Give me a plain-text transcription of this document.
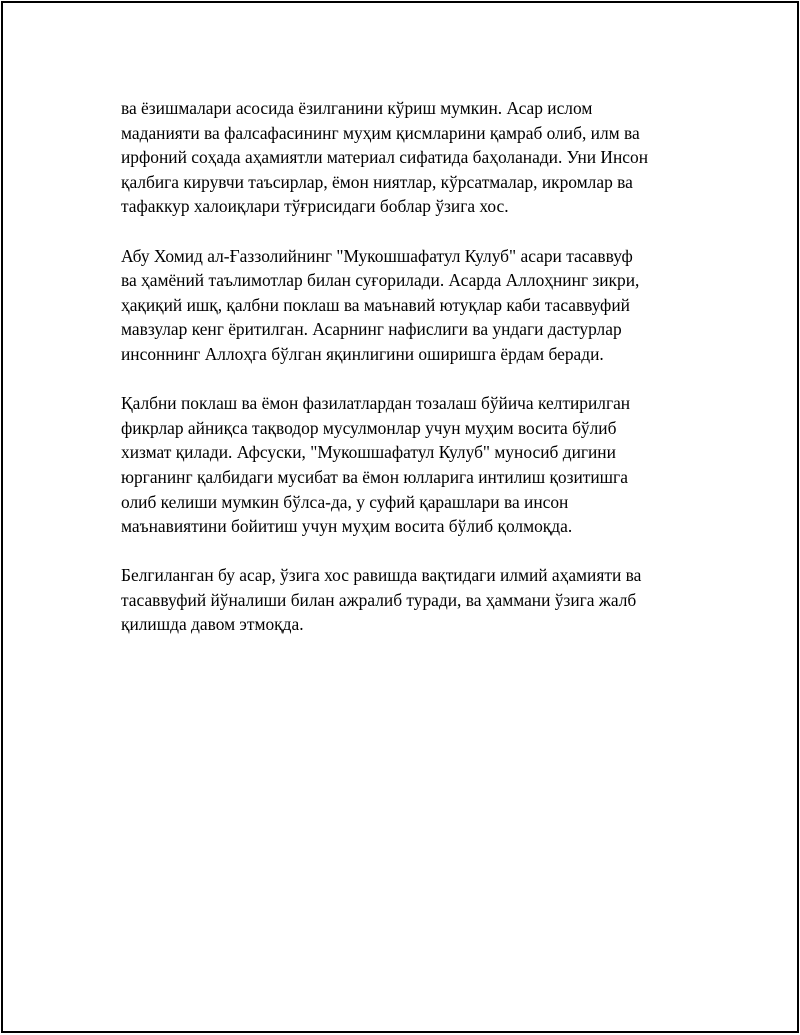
ва ёзишмалари асосида ёзилганини кўриш мумкин. Асар ислом
маданияти ва фалсафасининг муҳим қисмларини қамраб олиб, илм ва
ирфоний соҳада аҳамиятли материал сифатида баҳоланади. Уни Инсон
қалбига кирувчи таъсирлар, ёмон ниятлар, кўрсатмалар, икромлар ва
тафаккур халоиқлари тўғрисидаги боблар ўзига хос.

Абу Хомид ал-Ғаззолийнинг "Мукошшафатул Кулуб" асари тасаввуф
ва ҳамёний таълимотлар билан суғорилади. Асарда Аллоҳнинг зикри,
ҳақиқий ишқ, қалбни поклаш ва маънавий ютуқлар каби тасаввуфий
мавзулар кенг ёритилган. Асарнинг нафислиги ва ундаги дастурлар
инсоннинг Аллоҳга бўлган яқинлигини оширишга ёрдам беради.

Қалбни поклаш ва ёмон фазилатлардан тозалаш бўйича келтирилган
фикрлар айниқса тақводор мусулмонлар учун муҳим восита бўлиб
хизмат қилади. Афсуски, "Мукошшафатул Кулуб" муносиб дигини
юрганинг қалбидаги мусибат ва ёмон юлларига интилиш қозитишга
олиб келиши мумкин бўлса-да, у суфий қарашлари ва инсон
маънавиятини бойитиш учун муҳим восита бўлиб қолмоқда.

Белгиланган бу асар, ўзига хос равишда вақтидаги илмий аҳамияти ва
тасаввуфий йўналиши билан ажралиб туради, ва ҳаммани ўзига жалб
қилишда давом этмоқда.
